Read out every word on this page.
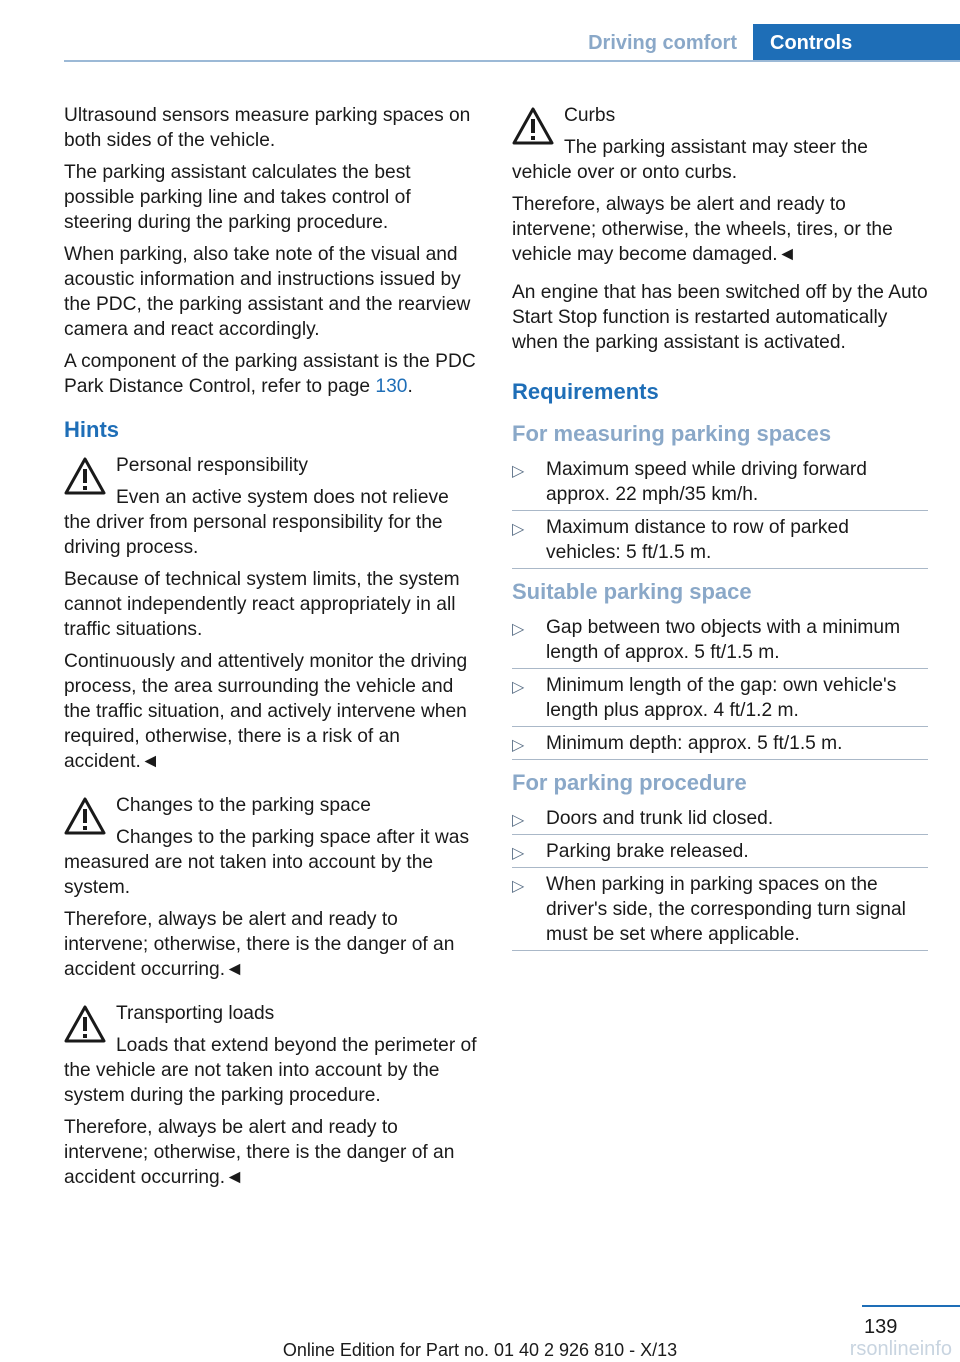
Driving comfort	Controls

Ultrasound sensors measure parking spaces on both sides of the vehicle.

The parking assistant calculates the best possible parking line and takes control of steering during the parking procedure.

When parking, also take note of the visual and acoustic information and instructions issued by the PDC, the parking assistant and the rearview camera and react accordingly.

A component of the parking assistant is the PDC Park Distance Control, refer to page 130.

Hints
Personal responsibility
Even an active system does not relieve the driver from personal responsibility for the driving process.

Because of technical system limits, the system cannot independently react appropriately in all traffic situations.

Continuously and attentively monitor the driving process, the area surrounding the vehicle and the traffic situation, and actively intervene when required, otherwise, there is a risk of an accident.◄

Changes to the parking space
Changes to the parking space after it was measured are not taken into account by the system.

Therefore, always be alert and ready to intervene; otherwise, there is the danger of an accident occurring.◄

Transporting loads
Loads that extend beyond the perimeter of the vehicle are not taken into account by the system during the parking procedure.

Therefore, always be alert and ready to intervene; otherwise, there is the danger of an accident occurring.◄

Curbs
The parking assistant may steer the vehicle over or onto curbs.

Therefore, always be alert and ready to intervene; otherwise, the wheels, tires, or the vehicle may become damaged.◄

An engine that has been switched off by the Auto Start Stop function is restarted automatically when the parking assistant is activated.

Requirements
For measuring parking spaces
▷ Maximum speed while driving forward approx. 22 mph/35 km/h.
▷ Maximum distance to row of parked vehicles: 5 ft/1.5 m.
Suitable parking space
▷ Gap between two objects with a minimum length of approx. 5 ft/1.5 m.
▷ Minimum length of the gap: own vehicle's length plus approx. 4 ft/1.2 m.
▷ Minimum depth: approx. 5 ft/1.5 m.
For parking procedure
▷ Doors and trunk lid closed.
▷ Parking brake released.
▷ When parking in parking spaces on the driver's side, the corresponding turn signal must be set where applicable.
139
rsonlineinfo
Online Edition for Part no. 01 40 2 926 810 - X/13
